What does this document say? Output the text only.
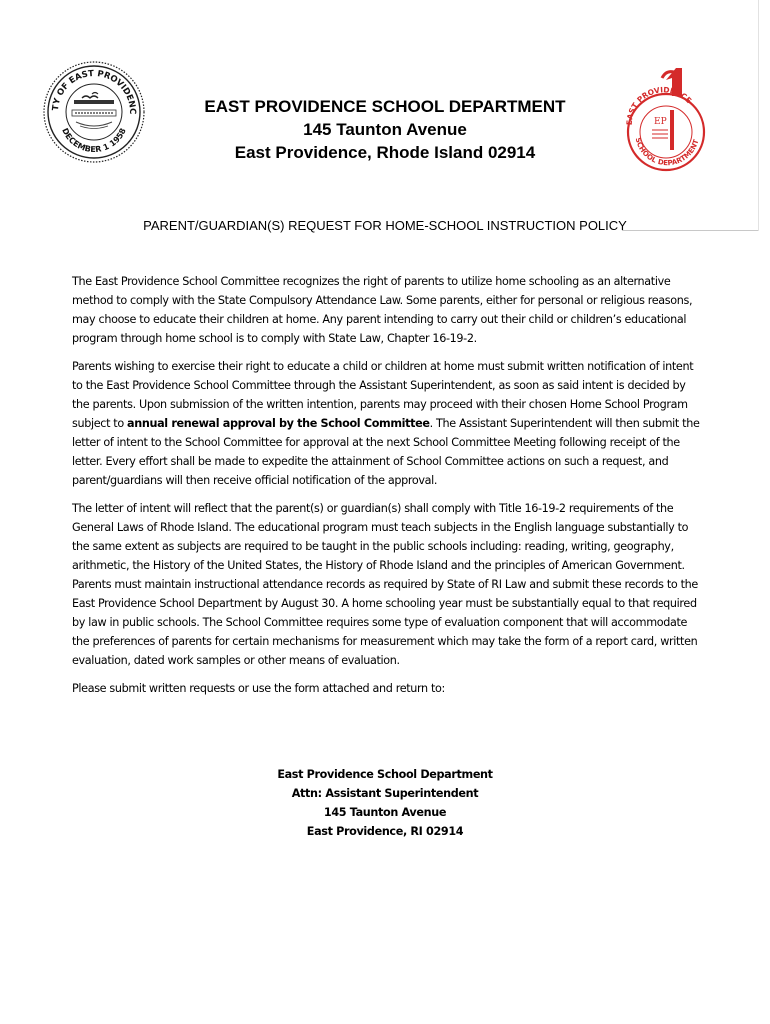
TY OF EAST PROVIDENC
DECEMBER 1 1958
EAST PROVIDENCE
SCHOOL DEPARTMENT
EP
EAST PROVIDENCE SCHOOL DEPARTMENT
145 Taunton Avenue
East Providence, Rhode Island 02914
PARENT/GUARDIAN(S) REQUEST FOR HOME-SCHOOL INSTRUCTION POLICY

The East Providence School Committee recognizes the right of parents to utilize home schooling as an alternative method to comply with the State Compulsory Attendance Law. Some parents, either for personal or religious reasons, may choose to educate their children at home. Any parent intending to carry out their child or children’s educational program through home school is to comply with State Law, Chapter 16-19-2.

Parents wishing to exercise their right to educate a child or children at home must submit written notification of intent to the East Providence School Committee through the Assistant Superintendent, as soon as said intent is decided by the parents. Upon submission of the written intention, parents may proceed with their chosen Home School Program subject to annual renewal approval by the School Committee. The Assistant Superintendent will then submit the letter of intent to the School Committee for approval at the next School Committee Meeting following receipt of the letter. Every effort shall be made to expedite the attainment of School Committee actions on such a request, and parent/guardians will then receive official notification of the approval.

The letter of intent will reflect that the parent(s) or guardian(s) shall comply with Title 16-19-2 requirements of the General Laws of Rhode Island. The educational program must teach subjects in the English language substantially to the same extent as subjects are required to be taught in the public schools including: reading, writing, geography, arithmetic, the History of the United States, the History of Rhode Island and the principles of American Government. Parents must maintain instructional attendance records as required by State of RI Law and submit these records to the East Providence School Department by August 30. A home schooling year must be substantially equal to that required by law in public schools. The School Committee requires some type of evaluation component that will accommodate the preferences of parents for certain mechanisms for measurement which may take the form of a report card, written evaluation, dated work samples or other means of evaluation.

Please submit written requests or use the form attached and return to:

East Providence School Department
Attn: Assistant Superintendent
145 Taunton Avenue
East Providence, RI 02914
